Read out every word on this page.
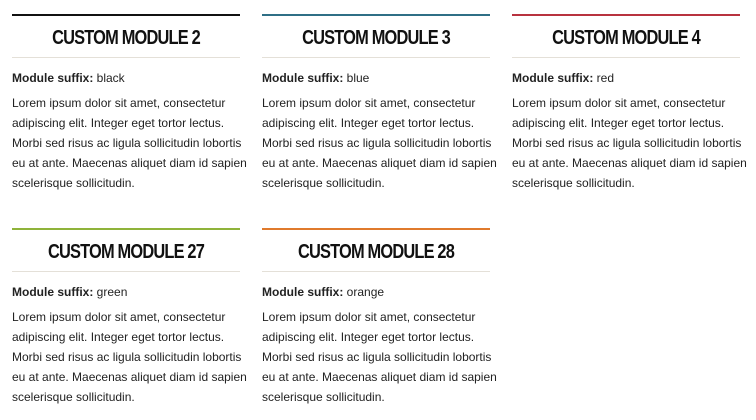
CUSTOM MODULE 2
Module suffix: black
Lorem ipsum dolor sit amet, consectetur adipiscing elit. Integer eget tortor lectus. Morbi sed risus ac ligula sollicitudin lobortis eu at ante. Maecenas aliquet diam id sapien scelerisque sollicitudin.
CUSTOM MODULE 3
Module suffix: blue
Lorem ipsum dolor sit amet, consectetur adipiscing elit. Integer eget tortor lectus. Morbi sed risus ac ligula sollicitudin lobortis eu at ante. Maecenas aliquet diam id sapien scelerisque sollicitudin.
CUSTOM MODULE 4
Module suffix: red
Lorem ipsum dolor sit amet, consectetur adipiscing elit. Integer eget tortor lectus. Morbi sed risus ac ligula sollicitudin lobortis eu at ante. Maecenas aliquet diam id sapien scelerisque sollicitudin.
CUSTOM MODULE 27
Module suffix: green
Lorem ipsum dolor sit amet, consectetur adipiscing elit. Integer eget tortor lectus. Morbi sed risus ac ligula sollicitudin lobortis eu at ante. Maecenas aliquet diam id sapien scelerisque sollicitudin.
CUSTOM MODULE 28
Module suffix: orange
Lorem ipsum dolor sit amet, consectetur adipiscing elit. Integer eget tortor lectus. Morbi sed risus ac ligula sollicitudin lobortis eu at ante. Maecenas aliquet diam id sapien scelerisque sollicitudin.
